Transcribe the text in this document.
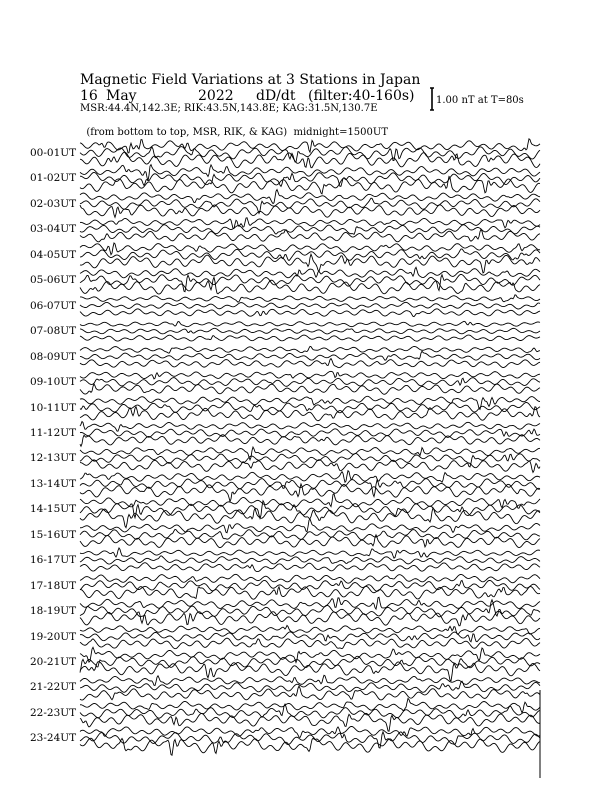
Magnetic Field Variations at 3 Stations in Japan

16

May

	2022

dD/dt

(filter:40-160s)

MSR:44.4N,142.3E; RIK:43.5N,143.8E; KAG:31.5N,130.7E

(from bottom to top, MSR, RIK, & KAG) midnight=1500UT

1.00 nT at T=80s
00-01UT
01-02UT
02-03UT
03-04UT
04-05UT
05-06UT
06-07UT
07-08UT
08-09UT
09-10UT
10-11UT
11-12UT
12-13UT
13-14UT
14-15UT
15-16UT
16-17UT
17-18UT
18-19UT
19-20UT
20-21UT
21-22UT
22-23UT
23-24UT
